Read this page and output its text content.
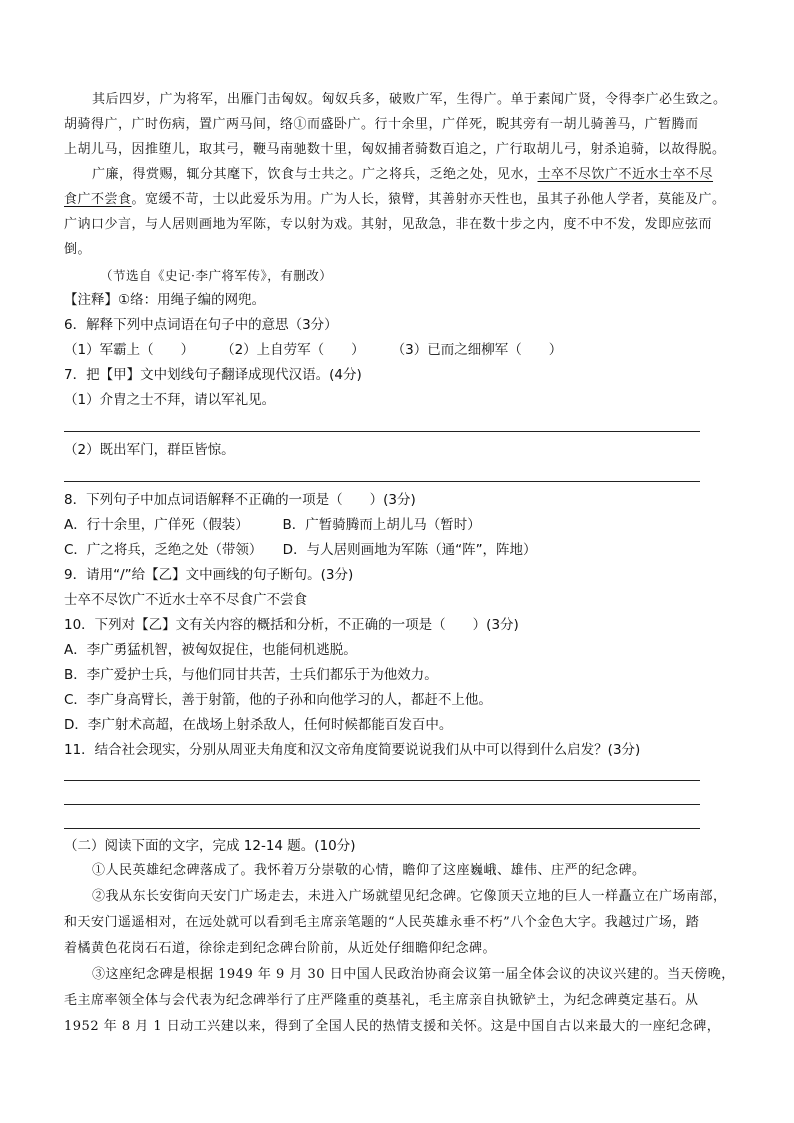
其后四岁，广为将军，出雁门击匈奴。匈奴兵多，破败广军，生得广。单于素闻广贤，令得李广必生致之。
胡骑得广，广时伤病，置广两马间，络①而盛卧广。行十余里，广佯死，睨其旁有一胡儿骑善马，广暂腾而
上胡儿马，因推堕儿，取其弓，鞭马南驰数十里，匈奴捕者骑数百追之，广行取胡儿弓，射杀追骑，以故得脱。
广廉，得赏赐，辄分其麾下，饮食与士共之。广之将兵，乏绝之处，见水，士卒不尽饮广不近水士卒不尽
食广不尝食。宽缓不苛，士以此爱乐为用。广为人长，猿臂，其善射亦天性也，虽其子孙他人学者，莫能及广。
广讷口少言，与人居则画地为军陈，专以射为戏。其射，见敌急，非在数十步之内，度不中不发，发即应弦而
倒。
（节选自《史记·李广将军传》，有删改）
【注释】①络：用绳子编的网兜。
6．解释下列中点词语在句子中的意思（3分）
（1）军霸上（　　）　　　（2）上自劳军（　　）　　　（3）已而之细柳军（　　）
7．把【甲】文中划线句子翻译成现代汉语。(4分)
（1）介胄之士不拜，请以军礼见。
（2）既出军门，群臣皆惊。
8．下列句子中加点词语解释不正确的一项是（　　）(3分)
A．行十余里，广佯死（假装）　　　B．广暂骑腾而上胡儿马（暂时）
C．广之将兵，乏绝之处（带领）　　D．与人居则画地为军陈（通“阵”，阵地）
9．请用“/”给【乙】文中画线的句子断句。(3分)
士卒不尽饮广不近水士卒不尽食广不尝食
10．下列对【乙】文有关内容的概括和分析，不正确的一项是（　　）(3分)
A．李广勇猛机智，被匈奴捉住，也能伺机逃脱。
B．李广爱护士兵，与他们同甘共苦，士兵们都乐于为他效力。
C．李广身高臂长，善于射箭，他的子孙和向他学习的人，都赶不上他。
D．李广射术高超，在战场上射杀敌人，任何时候都能百发百中。
11．结合社会现实，分别从周亚夫角度和汉文帝角度简要说说我们从中可以得到什么启发？(3分)
（二）阅读下面的文字，完成 12-14 题。(10分)
①人民英雄纪念碑落成了。我怀着万分崇敬的心情，瞻仰了这座巍峨、雄伟、庄严的纪念碑。
②我从东长安街向天安门广场走去，未进入广场就望见纪念碑。它像顶天立地的巨人一样矗立在广场南部，
和天安门遥遥相对，在远处就可以看到毛主席亲笔题的“人民英雄永垂不朽”八个金色大字。我越过广场，踏
着橘黄色花岗石石道，徐徐走到纪念碑台阶前，从近处仔细瞻仰纪念碑。
③这座纪念碑是根据 1949 年 9 月 30 日中国人民政治协商会议第一届全体会议的决议兴建的。当天傍晚，
毛主席率领全体与会代表为纪念碑举行了庄严隆重的奠基礼，毛主席亲自执锨铲土，为纪念碑奠定基石。从
1952 年 8 月 1 日动工兴建以来，得到了全国人民的热情支援和关怀。这是中国自古以来最大的一座纪念碑，
